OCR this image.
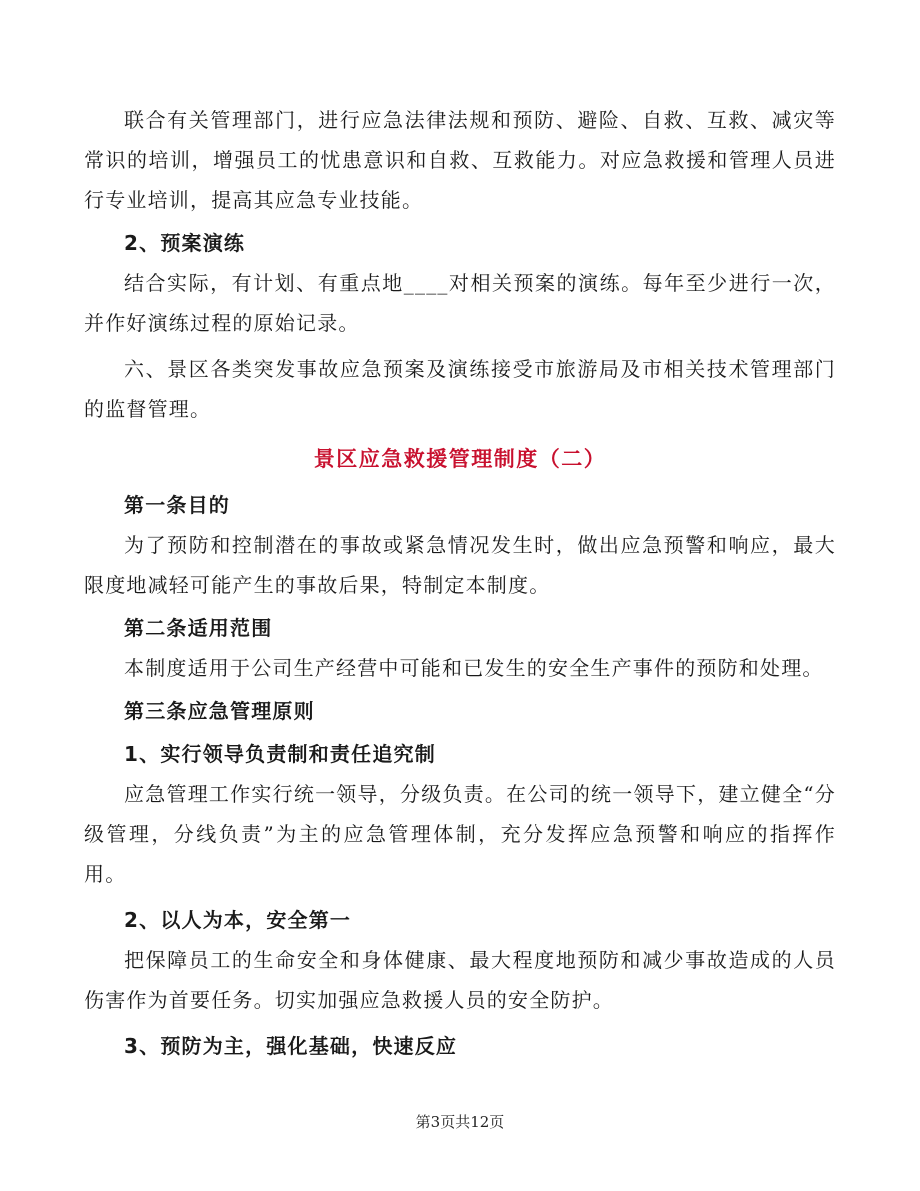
联合有关管理部门，进行应急法律法规和预防、避险、自救、互救、减灾等常识的培训，增强员工的忧患意识和自救、互救能力。对应急救援和管理人员进行专业培训，提高其应急专业技能。

2、预案演练

结合实际，有计划、有重点地____对相关预案的演练。每年至少进行一次，并作好演练过程的原始记录。

六、景区各类突发事故应急预案及演练接受市旅游局及市相关技术管理部门的监督管理。

景区应急救援管理制度（二）

第一条目的

为了预防和控制潜在的事故或紧急情况发生时，做出应急预警和响应，最大限度地减轻可能产生的事故后果，特制定本制度。

第二条适用范围

本制度适用于公司生产经营中可能和已发生的安全生产事件的预防和处理。

第三条应急管理原则

1、实行领导负责制和责任追究制

应急管理工作实行统一领导，分级负责。在公司的统一领导下，建立健全“分级管理，分线负责”为主的应急管理体制，充分发挥应急预警和响应的指挥作用。

2、以人为本，安全第一

把保障员工的生命安全和身体健康、最大程度地预防和减少事故造成的人员伤害作为首要任务。切实加强应急救援人员的安全防护。

3、预防为主，强化基础，快速反应

第3页共12页
